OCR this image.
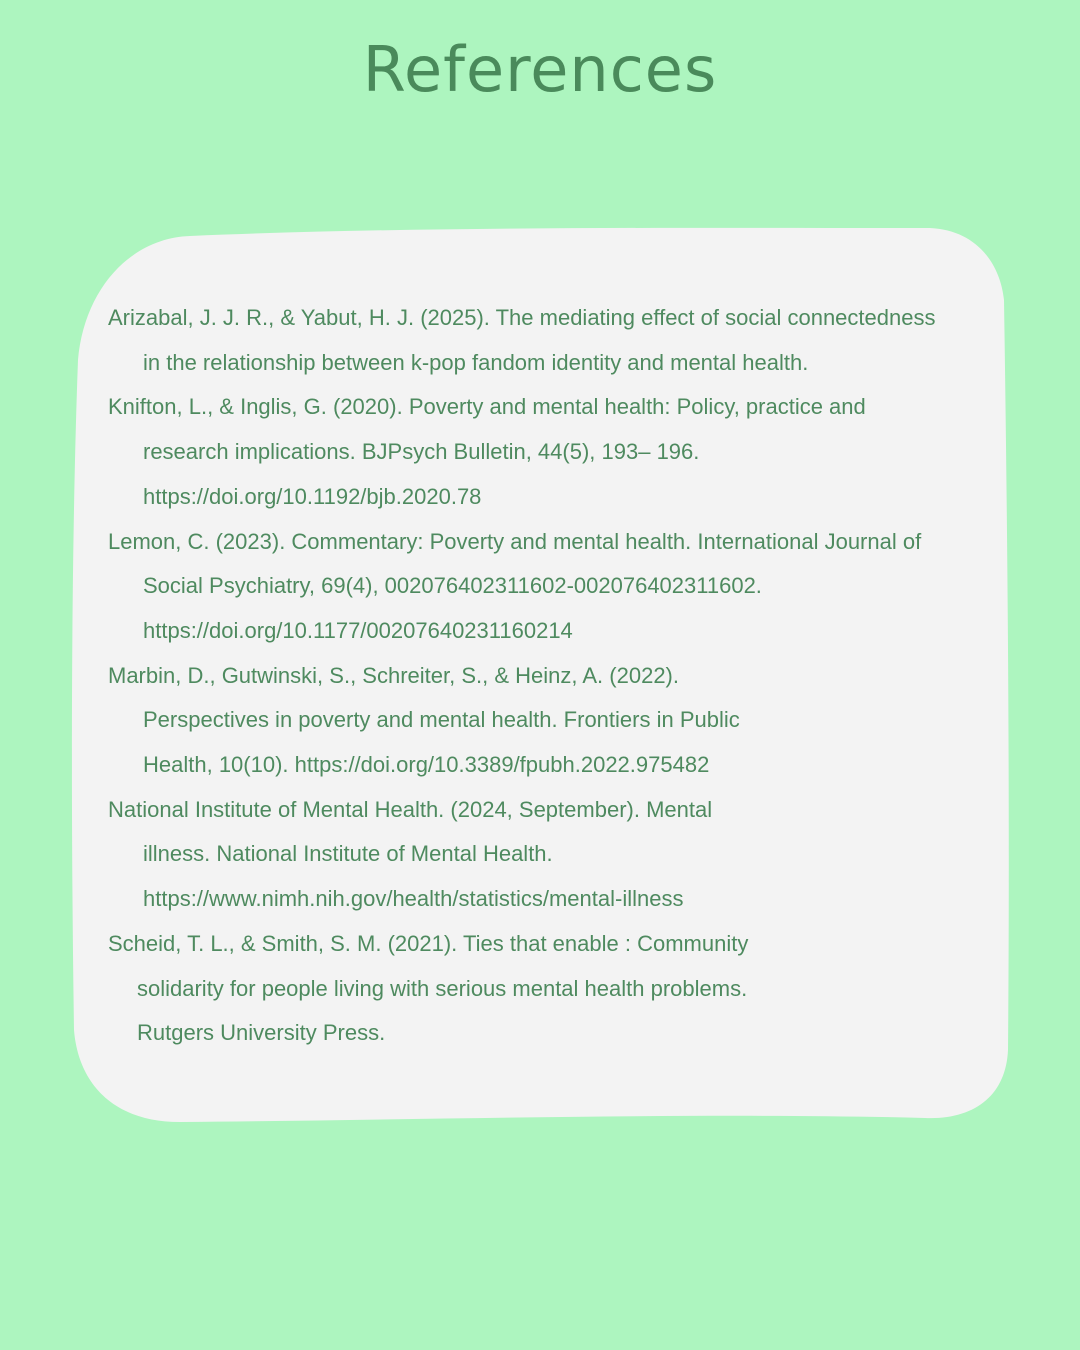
References
Arizabal, J. J. R., & Yabut, H. J. (2025). The mediating effect of social connectedness
in the relationship between k-pop fandom identity and mental health.
Knifton, L., & Inglis, G. (2020). Poverty and mental health: Policy, practice and
research implications. BJPsych Bulletin, 44(5), 193– 196.
https://doi.org/10.1192/bjb.2020.78
Lemon, C. (2023). Commentary: Poverty and mental health. International Journal of
Social Psychiatry, 69(4), 002076402311602-002076402311602.
https://doi.org/10.1177/00207640231160214
Marbin, D., Gutwinski, S., Schreiter, S., & Heinz, A. (2022).
Perspectives in poverty and mental health. Frontiers in Public
Health, 10(10). https://doi.org/10.3389/fpubh.2022.975482
National Institute of Mental Health. (2024, September). Mental
illness. National Institute of Mental Health.
https://www.nimh.nih.gov/health/statistics/mental-illness
Scheid, T. L., & Smith, S. M. (2021). Ties that enable : Community
solidarity for people living with serious mental health problems.
Rutgers University Press.
